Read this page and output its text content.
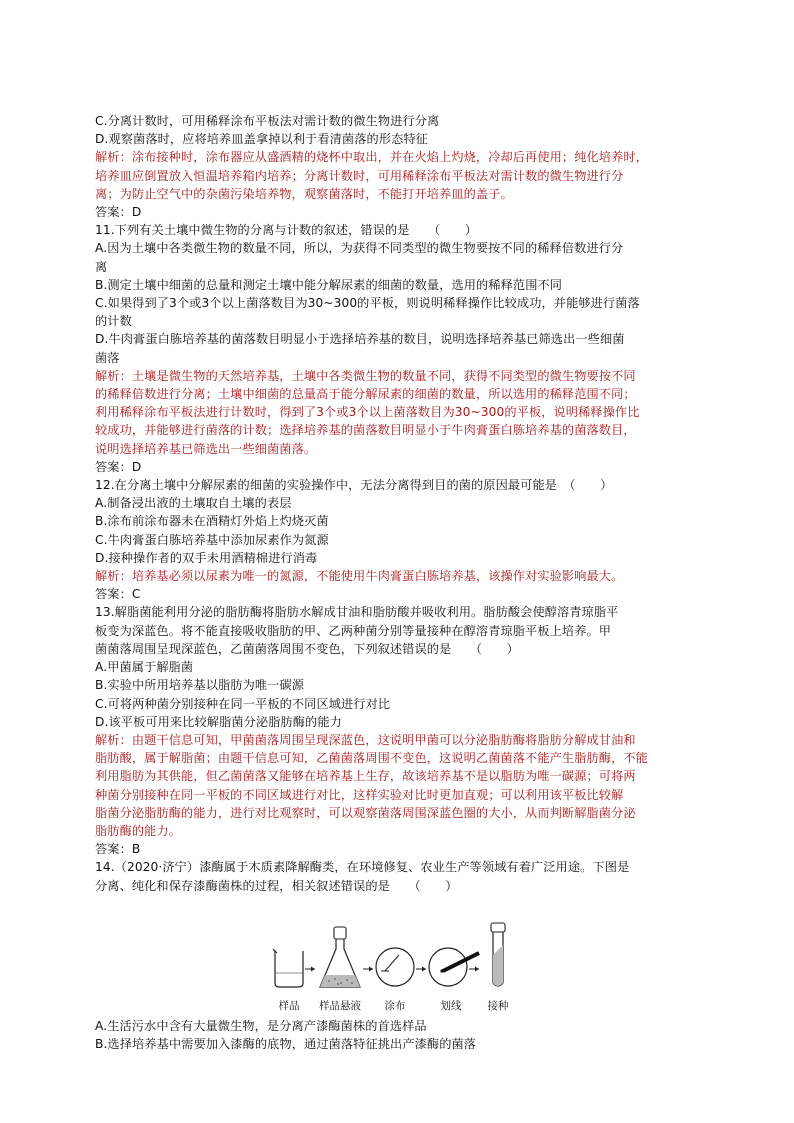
C.分离计数时，可用稀释涂布平板法对需计数的微生物进行分离
D.观察菌落时，应将培养皿盖拿掉以利于看清菌落的形态特征
解析：涂布接种时，涂布器应从盛酒精的烧杯中取出，并在火焰上灼烧，冷却后再使用；纯化培养时，
培养皿应倒置放入恒温培养箱内培养；分离计数时，可用稀释涂布平板法对需计数的微生物进行分
离；为防止空气中的杂菌污染培养物，观察菌落时，不能打开培养皿的盖子。
答案：D
11.下列有关土壤中微生物的分离与计数的叙述，错误的是　　（　　）
A.因为土壤中各类微生物的数量不同，所以，为获得不同类型的微生物要按不同的稀释倍数进行分
离
B.测定土壤中细菌的总量和测定土壤中能分解尿素的细菌的数量，选用的稀释范围不同
C.如果得到了3个或3个以上菌落数目为30~300的平板，则说明稀释操作比较成功，并能够进行菌落
的计数
D.牛肉膏蛋白胨培养基的菌落数目明显小于选择培养基的数目，说明选择培养基已筛选出一些细菌
菌落
解析：土壤是微生物的天然培养基，土壤中各类微生物的数量不同，获得不同类型的微生物要按不同
的稀释倍数进行分离；土壤中细菌的总量高于能分解尿素的细菌的数量，所以选用的稀释范围不同；
利用稀释涂布平板法进行计数时，得到了3个或3个以上菌落数目为30~300的平板，说明稀释操作比
较成功，并能够进行菌落的计数；选择培养基的菌落数目明显小于牛肉膏蛋白胨培养基的菌落数目，
说明选择培养基已筛选出一些细菌菌落。
答案：D
12.在分离土壤中分解尿素的细菌的实验操作中，无法分离得到目的菌的原因最可能是　（　　）
A.制备浸出液的土壤取自土壤的表层
B.涂布前涂布器未在酒精灯外焰上灼烧灭菌
C.牛肉膏蛋白胨培养基中添加尿素作为氮源
D.接种操作者的双手未用酒精棉进行消毒
解析：培养基必须以尿素为唯一的氮源，不能使用牛肉膏蛋白胨培养基，该操作对实验影响最大。
答案：C
13.解脂菌能利用分泌的脂肪酶将脂肪水解成甘油和脂肪酸并吸收利用。脂肪酸会使醇溶青琼脂平
板变为深蓝色。将不能直接吸收脂肪的甲、乙两种菌分别等量接种在醇溶青琼脂平板上培养。甲
菌菌落周围呈现深蓝色，乙菌菌落周围不变色，下列叙述错误的是　　（　　）
A.甲菌属于解脂菌
B.实验中所用培养基以脂肪为唯一碳源
C.可将两种菌分别接种在同一平板的不同区域进行对比
D.该平板可用来比较解脂菌分泌脂肪酶的能力
解析：由题干信息可知，甲菌菌落周围呈现深蓝色，这说明甲菌可以分泌脂肪酶将脂肪分解成甘油和
脂肪酸，属于解脂菌；由题干信息可知，乙菌菌落周围不变色，这说明乙菌菌落不能产生脂肪酶，不能
利用脂肪为其供能，但乙菌菌落又能够在培养基上生存，故该培养基不是以脂肪为唯一碳源；可将两
种菌分别接种在同一平板的不同区域进行对比，这样实验对比时更加直观；可以利用该平板比较解
脂菌分泌脂肪酶的能力，进行对比观察时，可以观察菌落周围深蓝色圈的大小，从而判断解脂菌分泌
脂肪酶的能力。
答案：B
14.（2020·济宁）漆酶属于木质素降解酶类，在环境修复、农业生产等领域有着广泛用途。下图是
分离、纯化和保存漆酶菌株的过程，相关叙述错误的是　　（　　）
样品 样品悬液 涂布	划线 接种
A.生活污水中含有大量微生物，是分离产漆酶菌株的首选样品
B.选择培养基中需要加入漆酶的底物，通过菌落特征挑出产漆酶的菌落
